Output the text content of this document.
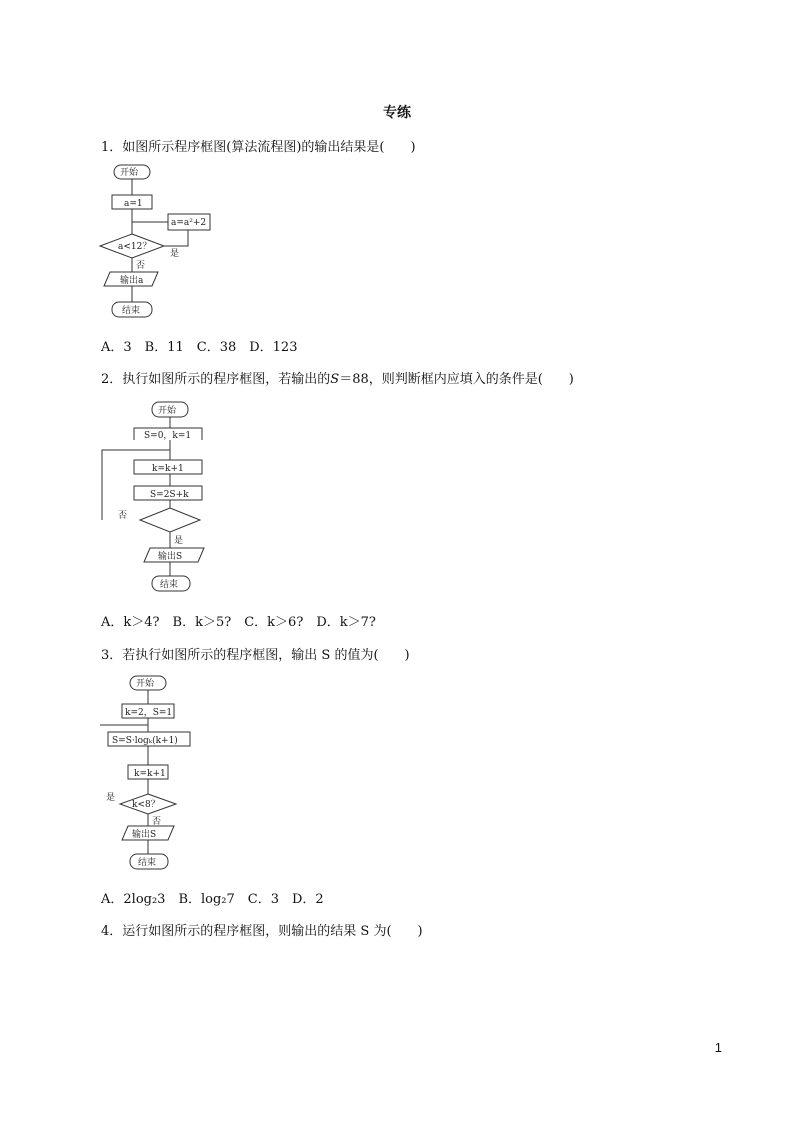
专练
1．如图所示程序框图(算法流程图)的输出结果是(　　)
开始
a=1
a=a²+2
a<12？
是
否
输出a
结束
A．3　B．11　C．38　D．123
2．执行如图所示的程序框图，若输出的S＝88，则判断框内应填入的条件是(　　)
开始
S=0，k=1
k=k+1
S=2S+k
否
是
输出S
结束
A．k＞4?　 B．k＞5?　 C．k＞6?　 D．k＞7?
3．若执行如图所示的程序框图，输出 S 的值为(　　)
开始
k=2，S=1
S=S·logₖ(k+1)
k=k+1
k<8？
是
否
输出S
结束
A．2log₂3　B．log₂7　C．3　D．2
4．运行如图所示的程序框图，则输出的结果 S 为(　　)
1
